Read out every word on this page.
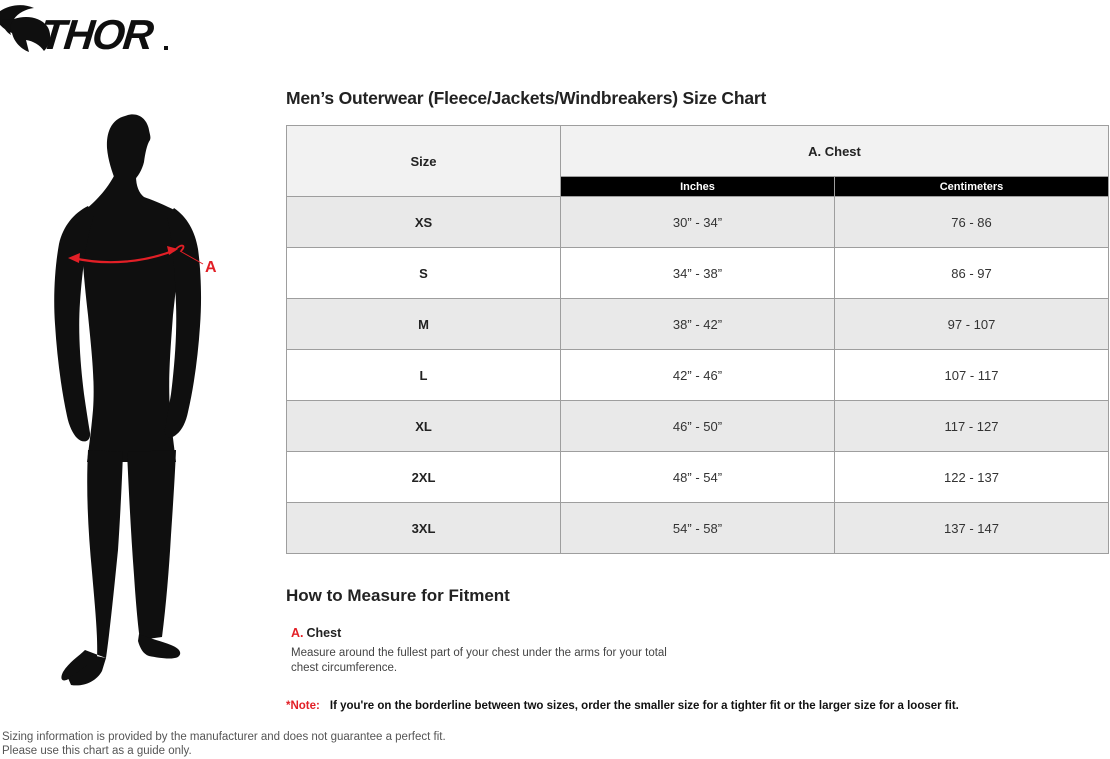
THOR
A
Men’s Outerwear (Fleece/Jackets/Windbreakers) Size Chart
Size	A. Chest	
	Inches	Centimeters
XS	30” - 34”	76 - 86
S	34” - 38”	86 - 97
M	38” - 42”	97 - 107
L	42” - 46”	107 - 117
XL	46” - 50”	117 - 127
2XL	48” - 54”	122 - 137
3XL	54” - 58”	137 - 147
How to Measure for Fitment
A. Chest
Measure around the fullest part of your chest under the arms for your total chest circumference.
*Note: If you're on the borderline between two sizes, order the smaller size for a tighter fit or the larger size for a looser fit.
Sizing information is provided by the manufacturer and does not guarantee a perfect fit.
Please use this chart as a guide only.
